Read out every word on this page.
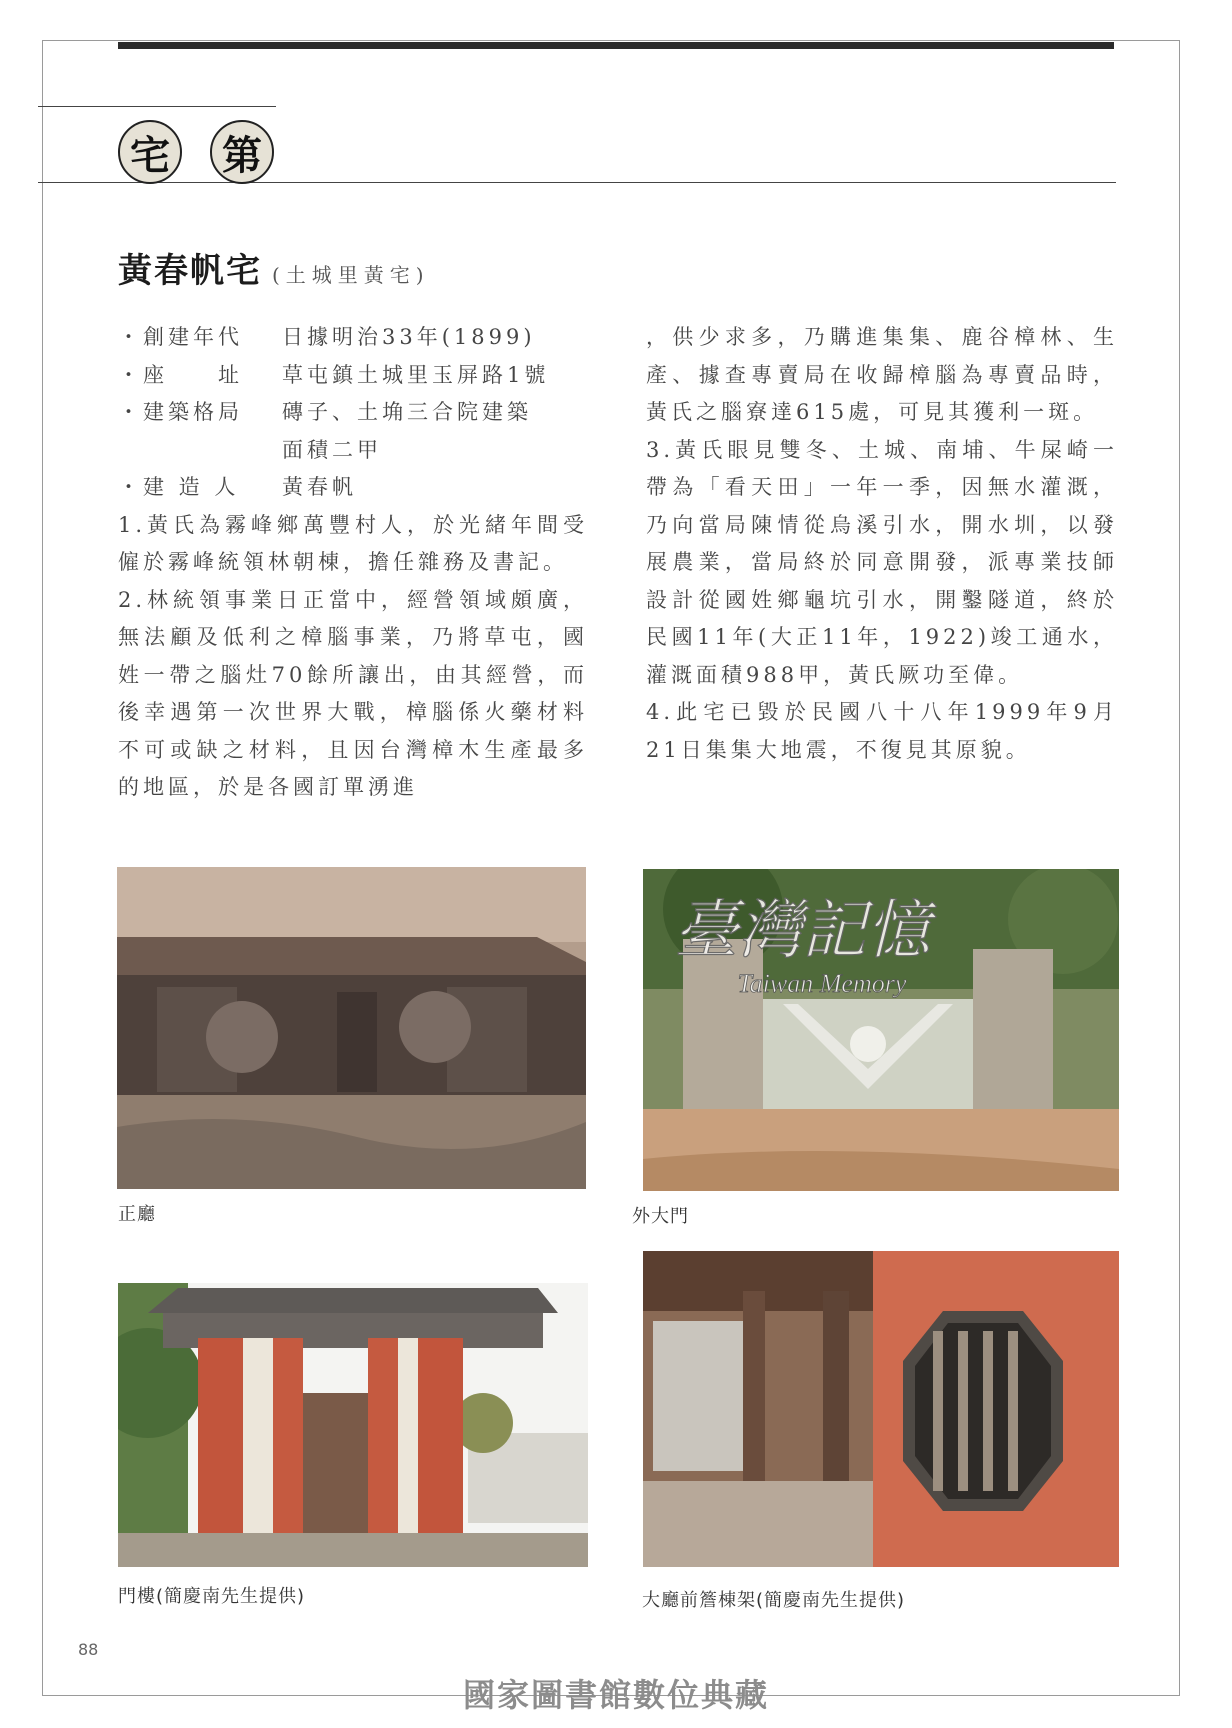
宅 第
黃春帆宅 (土城里黃宅)
・創建年代	日據明治33年(1899)
・座　　址	草屯鎮土城里玉屏路1號
・建築格局	磚子、土埆三合院建築
面積二甲
・建 造 人	黃春帆
1.黃氏為霧峰鄉萬豐村人，於光緒年間受僱於霧峰統領林朝棟，擔任雜務及書記。
2.林統領事業日正當中，經營領域頗廣，無法顧及低利之樟腦事業，乃將草屯，國姓一帶之腦灶70餘所讓出，由其經營，而後幸遇第一次世界大戰，樟腦係火藥材料不可或缺之材料，且因台灣樟木生產最多的地區，於是各國訂單湧進
，供少求多，乃購進集集、鹿谷樟林、生產、據查專賣局在收歸樟腦為專賣品時，黃氏之腦寮達615處，可見其獲利一斑。
3.黃氏眼見雙冬、土城、南埔、牛屎崎一帶為「看天田」一年一季，因無水灌溉，乃向當局陳情從烏溪引水，開水圳，以發展農業，當局終於同意開發，派專業技師設計從國姓鄉龜坑引水，開鑿隧道，終於民國11年(大正11年，1922)竣工通水，灌溉面積988甲，黃氏厥功至偉。
4.此宅已毀於民國八十八年1999年9月21日集集大地震，不復見其原貌。
正廳	外大門
臺灣記憶
Taiwan Memory
門樓(簡慶南先生提供)	大廳前簷棟架(簡慶南先生提供)
88
國家圖書館數位典藏
